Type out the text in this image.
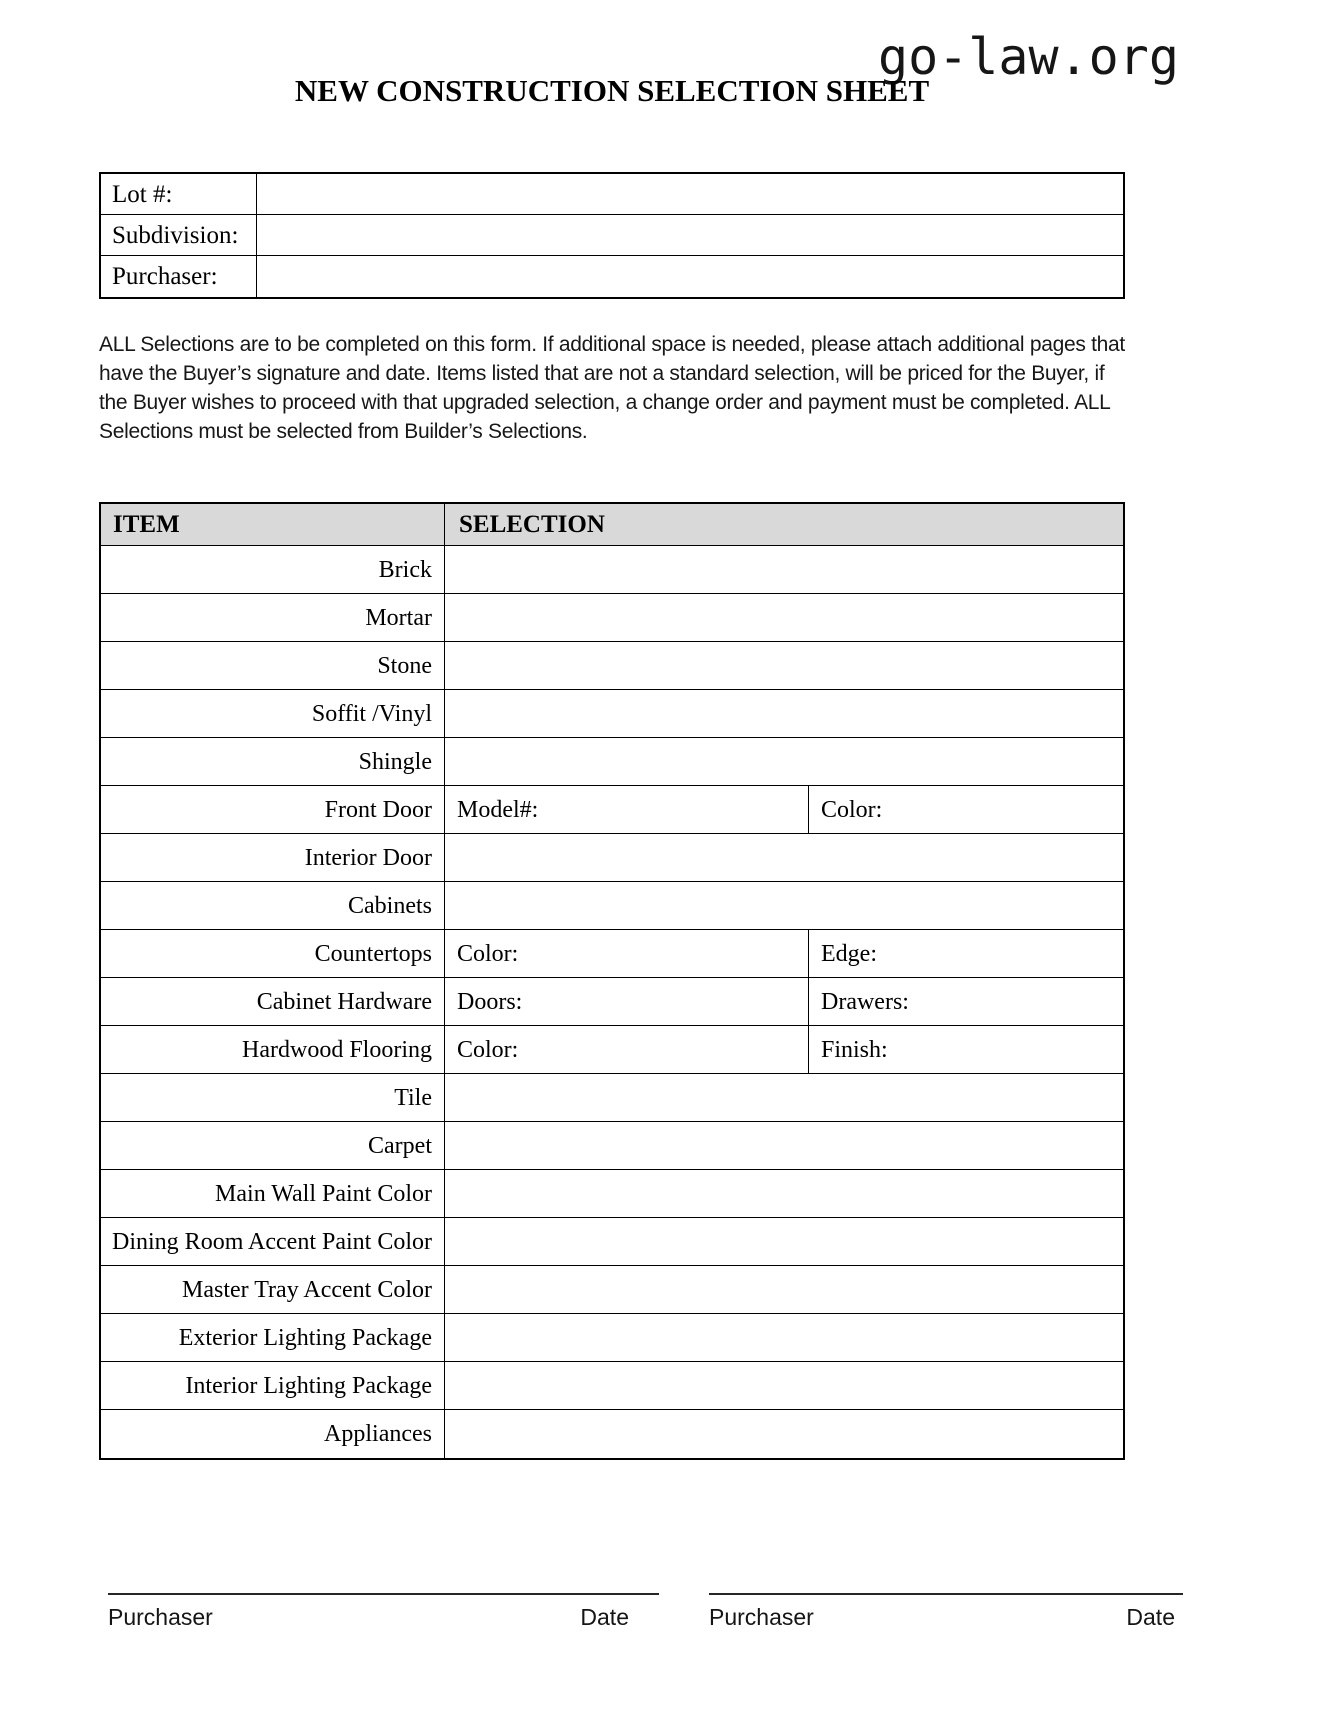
go-law.org
NEW CONSTRUCTION SELECTION SHEET
Lot #:
Subdivision:
Purchaser:
ALL Selections are to be completed on this form. If additional space is needed, please attach additional pages that
have the Buyer’s signature and date. Items listed that are not a standard selection, will be priced for the Buyer, if
the Buyer wishes to proceed with that upgraded selection, a change order and payment must be completed. ALL
Selections must be selected from Builder’s Selections.
ITEM	SELECTION
Brick
Mortar
Stone
Soffit /Vinyl
Shingle
Front Door	Model#:	Color:
Interior Door
Cabinets
Countertops	Color:	Edge:
Cabinet Hardware	Doors:	Drawers:
Hardwood Flooring	Color:	Finish:
Tile
Carpet
Main Wall Paint Color
Dining Room Accent Paint Color
Master Tray Accent Color
Exterior Lighting Package
Interior Lighting Package
Appliances
Purchaser	Date	Purchaser	Date
